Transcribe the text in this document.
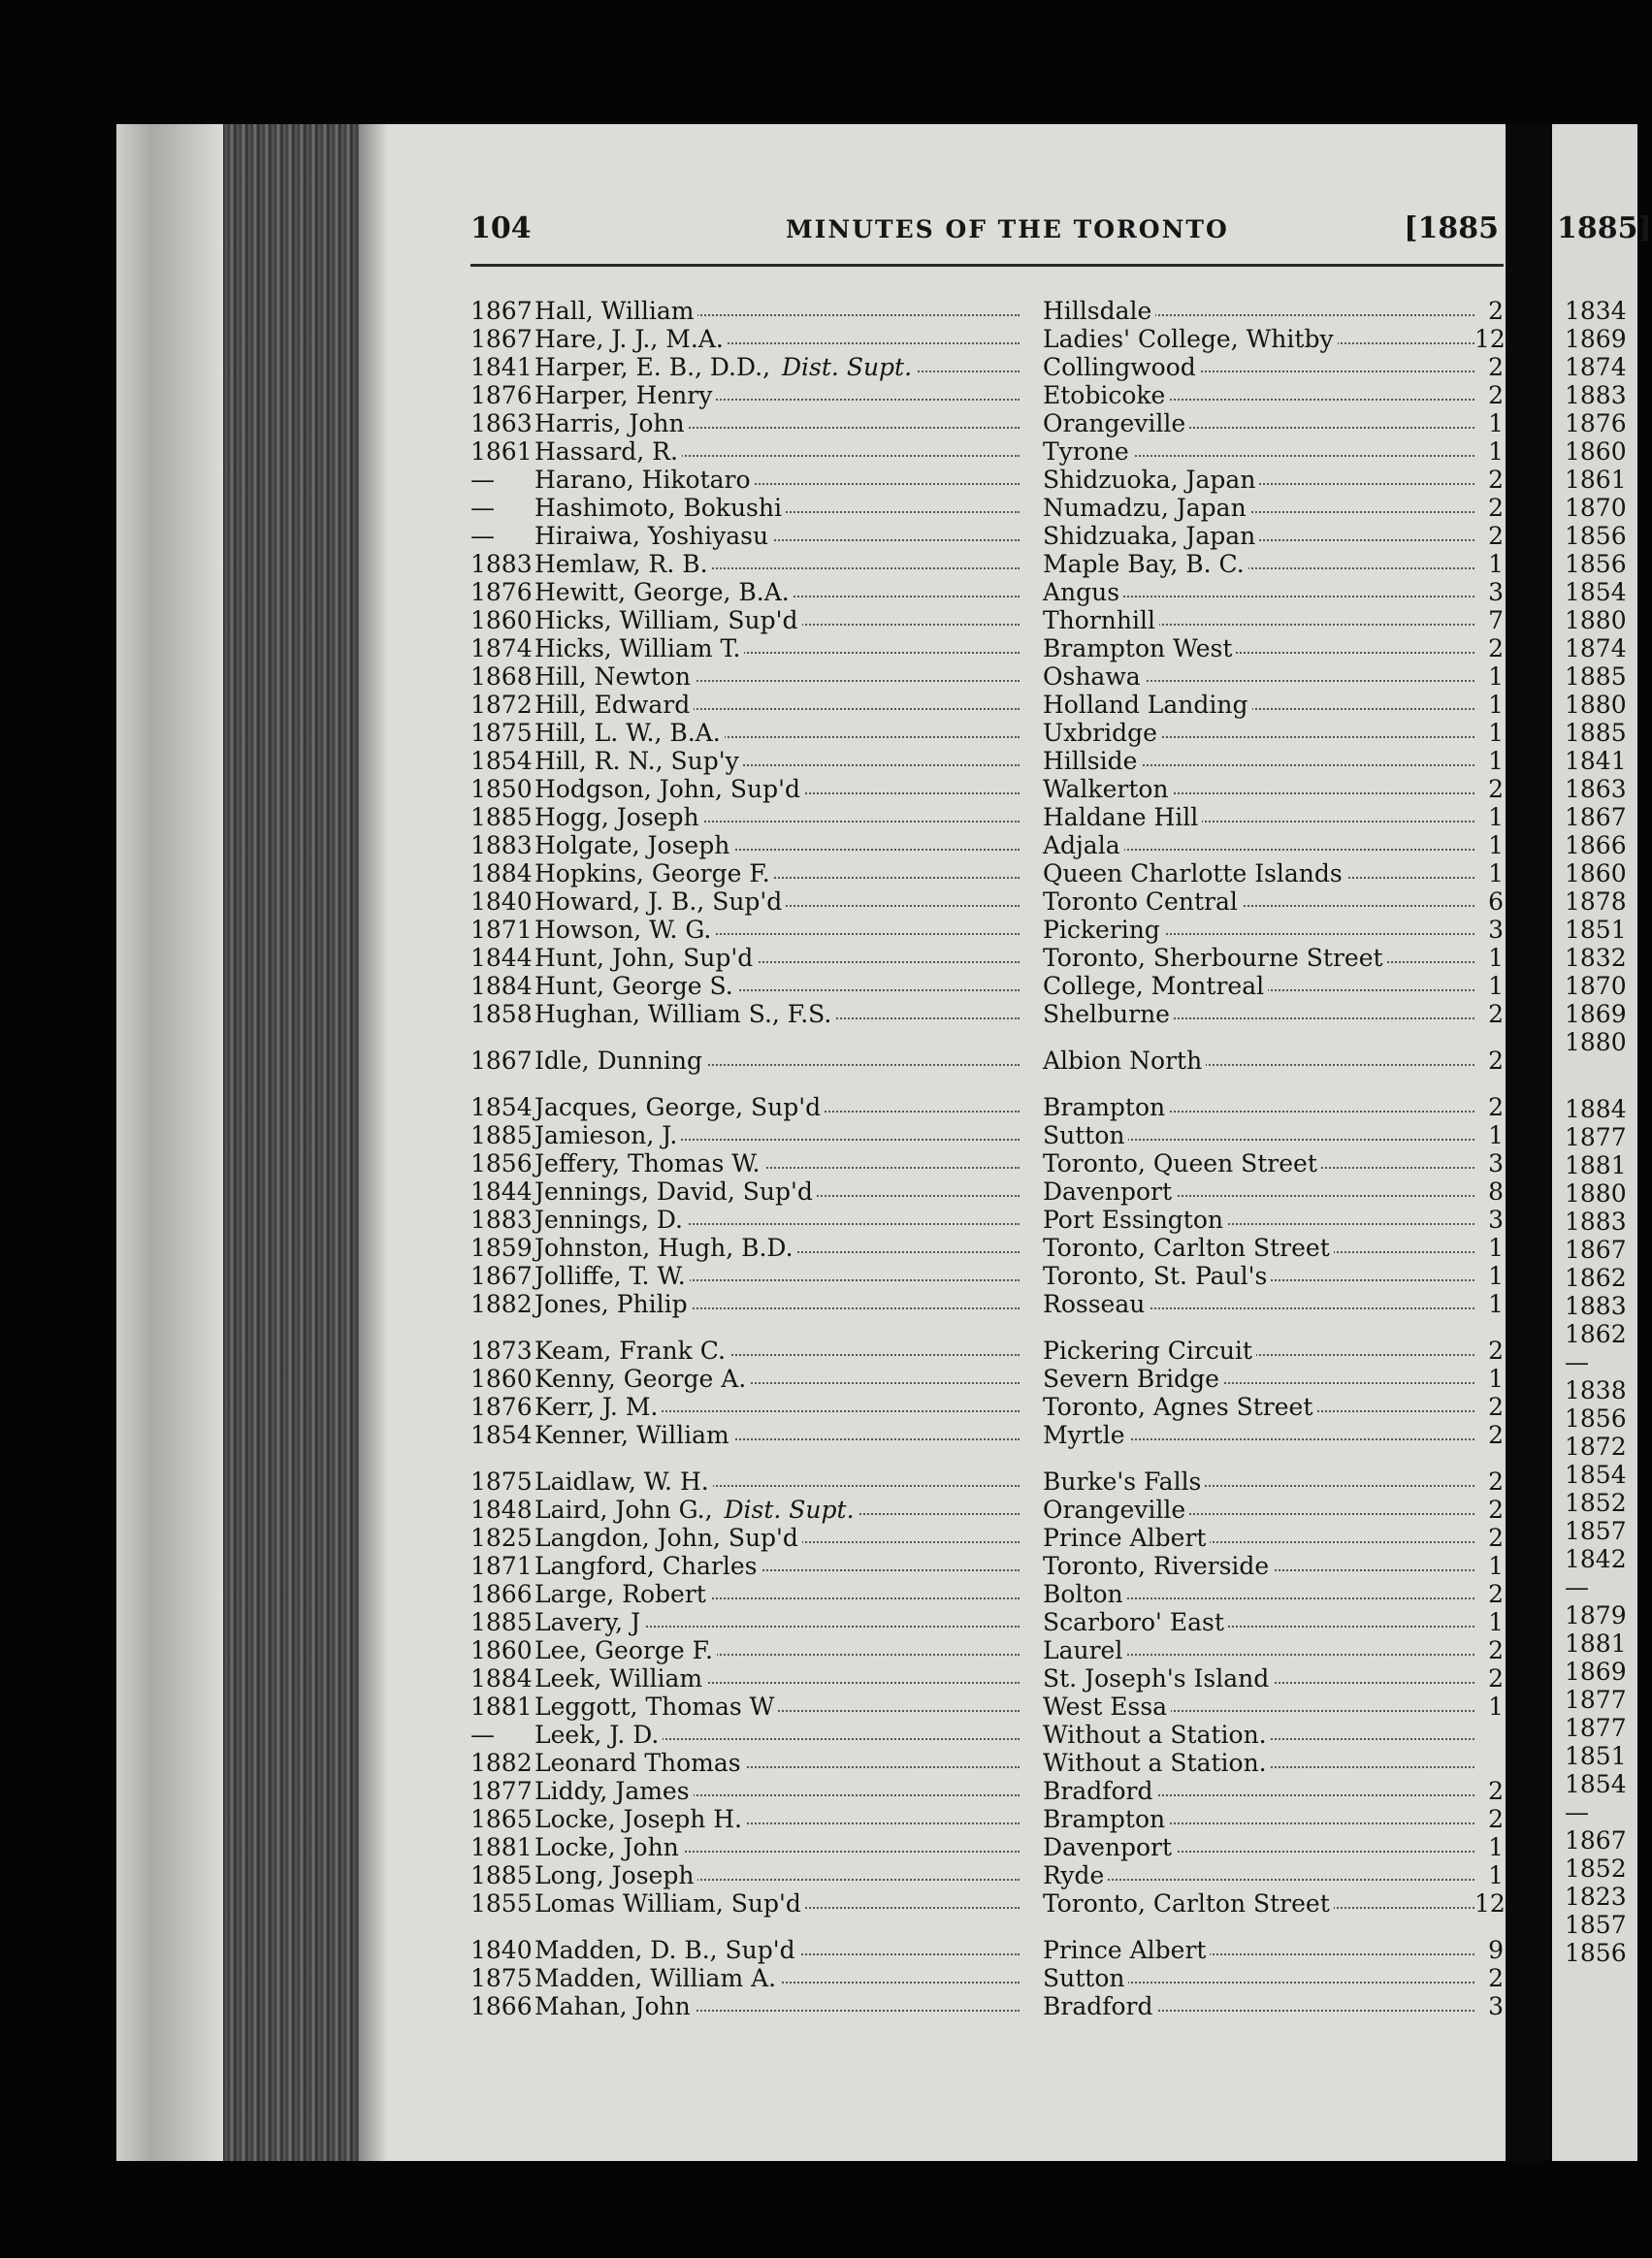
104	MINUTES OF THE TORONTO	[1885 1885]
1867 Hall, William	Hillsdale	2
1867 Hare, J. J., M.A.	Ladies' College, Whitby	12
1841 Harper, E. B., D.D., Dist. Supt.	Collingwood	2
1876 Harper, Henry	Etobicoke	2
1863 Harris, John	Orangeville	1
1861 Hassard, R.	Tyrone	1
—	Harano, Hikotaro	Shidzuoka, Japan	2
—	Hashimoto, Bokushi	Numadzu, Japan	2
—	Hiraiwa, Yoshiyasu	Shidzuaka, Japan	2
1883 Hemlaw, R. B.	Maple Bay, B. C.	1
1876 Hewitt, George, B.A.	Angus	3
1860 Hicks, William, Sup'd	Thornhill	7
1874 Hicks, William T.	Brampton West	2
1868 Hill, Newton	Oshawa	1
1872 Hill, Edward	Holland Landing	1
1875 Hill, L. W., B.A.	Uxbridge	1
1854 Hill, R. N., Sup'y	Hillside	1
1850 Hodgson, John, Sup'd	Walkerton	2
1885 Hogg, Joseph	Haldane Hill	1
1883 Holgate, Joseph	Adjala	1
1884 Hopkins, George F.	Queen Charlotte Islands	1
1840 Howard, J. B., Sup'd	Toronto Central	6
1871 Howson, W. G.	Pickering	3
1844 Hunt, John, Sup'd	Toronto, Sherbourne Street	1
1884 Hunt, George S.	College, Montreal	1
1858 Hughan, William S., F.S.	Shelburne	2
1867 Idle, Dunning	Albion North	2
1854 Jacques, George, Sup'd	Brampton	2
1885 Jamieson, J.	Sutton	1
1856 Jeffery, Thomas W.	Toronto, Queen Street	3
1844 Jennings, David, Sup'd	Davenport	8
1883 Jennings, D.	Port Essington	3
1859 Johnston, Hugh, B.D.	Toronto, Carlton Street	1
1867 Jolliffe, T. W.	Toronto, St. Paul's	1
1882 Jones, Philip	Rosseau	1
1873 Keam, Frank C.	Pickering Circuit	2
1860 Kenny, George A.	Severn Bridge	1
1876 Kerr, J. M.	Toronto, Agnes Street	2
1854 Kenner, William	Myrtle	2
1875 Laidlaw, W. H.	Burke's Falls	2
1848 Laird, John G., Dist. Supt.	Orangeville	2
1825 Langdon, John, Sup'd	Prince Albert	2
1871 Langford, Charles	Toronto, Riverside	1
1866 Large, Robert	Bolton	2
1885 Lavery, J	Scarboro' East	1
1860 Lee, George F.	Laurel	2
1884 Leek, William	St. Joseph's Island	2
1881 Leggott, Thomas W	West Essa	1
—	Leek, J. D.	Without a Station.
1882 Leonard Thomas	Without a Station.
1877 Liddy, James	Bradford	2
1865 Locke, Joseph H.	Brampton	2
1881 Locke, John	Davenport	1
1885 Long, Joseph	Ryde	1
1855 Lomas William, Sup'd	Toronto, Carlton Street	12
1840 Madden, D. B., Sup'd	Prince Albert	9
1875 Madden, William A.	Sutton	2
1866 Mahan, John	Bradford	3
1834
1869
1874
1883
1876
1860
1861
1870
1856
1856
1854
1880
1874
1885
1880
1885
1841
1863
1867
1866
1860
1878
1851
1832
1870
1869
1880
1884
1877
1881
1880
1883
1867
1862
1883
1862
—
1838
1856
1872
1854
1852
1857
1842
—
1879
1881
1869
1877
1877
1851
1854
—
1867
1852
1823
1857
1856
